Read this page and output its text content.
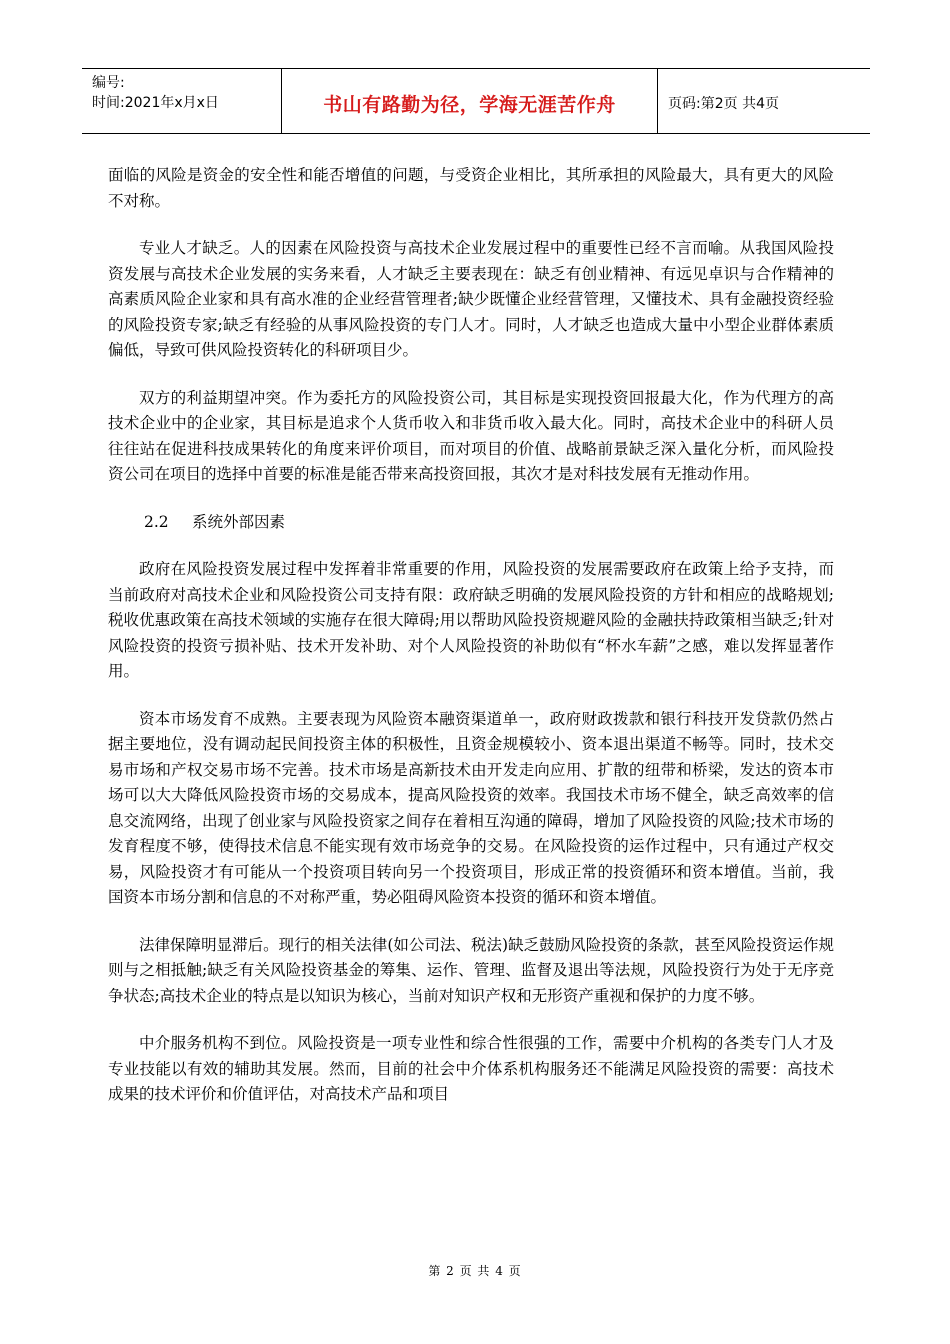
编号:
时间:2021年x月x日	书山有路勤为径，学海无涯苦作舟	页码:第2页 共4页

面临的风险是资金的安全性和能否增值的问题，与受资企业相比，其所承担的风险最大，具有更大的风险不对称。

专业人才缺乏。人的因素在风险投资与高技术企业发展过程中的重要性已经不言而喻。从我国风险投资发展与高技术企业发展的实务来看，人才缺乏主要表现在：缺乏有创业精神、有远见卓识与合作精神的高素质风险企业家和具有高水准的企业经营管理者;缺少既懂企业经营管理，又懂技术、具有金融投资经验的风险投资专家;缺乏有经验的从事风险投资的专门人才。同时，人才缺乏也造成大量中小型企业群体素质偏低，导致可供风险投资转化的科研项目少。

双方的利益期望冲突。作为委托方的风险投资公司，其目标是实现投资回报最大化，作为代理方的高技术企业中的企业家，其目标是追求个人货币收入和非货币收入最大化。同时，高技术企业中的科研人员往往站在促进科技成果转化的角度来评价项目，而对项目的价值、战略前景缺乏深入量化分析，而风险投资公司在项目的选择中首要的标准是能否带来高投资回报，其次才是对科技发展有无推动作用。

2.2 系统外部因素

政府在风险投资发展过程中发挥着非常重要的作用，风险投资的发展需要政府在政策上给予支持，而当前政府对高技术企业和风险投资公司支持有限：政府缺乏明确的发展风险投资的方针和相应的战略规划;税收优惠政策在高技术领域的实施存在很大障碍;用以帮助风险投资规避风险的金融扶持政策相当缺乏;针对风险投资的投资亏损补贴、技术开发补助、对个人风险投资的补助似有“杯水车薪”之感，难以发挥显著作用。

资本市场发育不成熟。主要表现为风险资本融资渠道单一，政府财政拨款和银行科技开发贷款仍然占据主要地位，没有调动起民间投资主体的积极性，且资金规模较小、资本退出渠道不畅等。同时，技术交易市场和产权交易市场不完善。技术市场是高新技术由开发走向应用、扩散的纽带和桥梁，发达的资本市场可以大大降低风险投资市场的交易成本，提高风险投资的效率。我国技术市场不健全，缺乏高效率的信息交流网络，出现了创业家与风险投资家之间存在着相互沟通的障碍，增加了风险投资的风险;技术市场的发育程度不够，使得技术信息不能实现有效市场竞争的交易。在风险投资的运作过程中，只有通过产权交易，风险投资才有可能从一个投资项目转向另一个投资项目，形成正常的投资循环和资本增值。当前，我国资本市场分割和信息的不对称严重，势必阻碍风险资本投资的循环和资本增值。

法律保障明显滞后。现行的相关法律(如公司法、税法)缺乏鼓励风险投资的条款，甚至风险投资运作规则与之相抵触;缺乏有关风险投资基金的筹集、运作、管理、监督及退出等法规，风险投资行为处于无序竞争状态;高技术企业的特点是以知识为核心，当前对知识产权和无形资产重视和保护的力度不够。

中介服务机构不到位。风险投资是一项专业性和综合性很强的工作，需要中介机构的各类专门人才及专业技能以有效的辅助其发展。然而，目前的社会中介体系机构服务还不能满足风险投资的需要：高技术成果的技术评价和价值评估，对高技术产品和项目

第 2 页 共 4 页
